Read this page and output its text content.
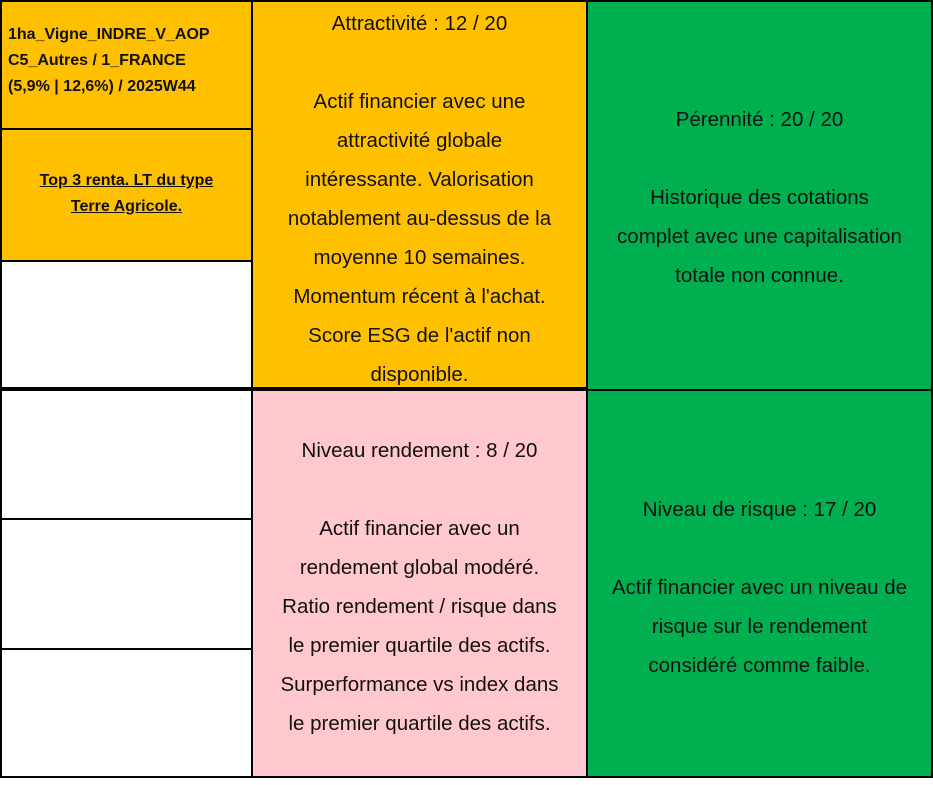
1ha_Vigne_INDRE_V_AOP
C5_Autres / 1_FRANCE
(5,9% | 12,6%) / 2025W44
Top 3 renta. LT du type
Terre Agricole.
Attractivité : 12 / 20
Actif financier avec une
attractivité globale
intéressante. Valorisation
notablement au-dessus de la
moyenne 10 semaines.
Momentum récent à l'achat.
Score ESG de l'actif non
disponible.
Pérennité : 20 / 20
Historique des cotations
complet avec une capitalisation
totale non connue.
Niveau rendement : 8 / 20
Actif financier avec un
rendement global modéré.
Ratio rendement / risque dans
le premier quartile des actifs.
Surperformance vs index dans
le premier quartile des actifs.
Niveau de risque : 17 / 20
Actif financier avec un niveau de
risque sur le rendement
considéré comme faible.
